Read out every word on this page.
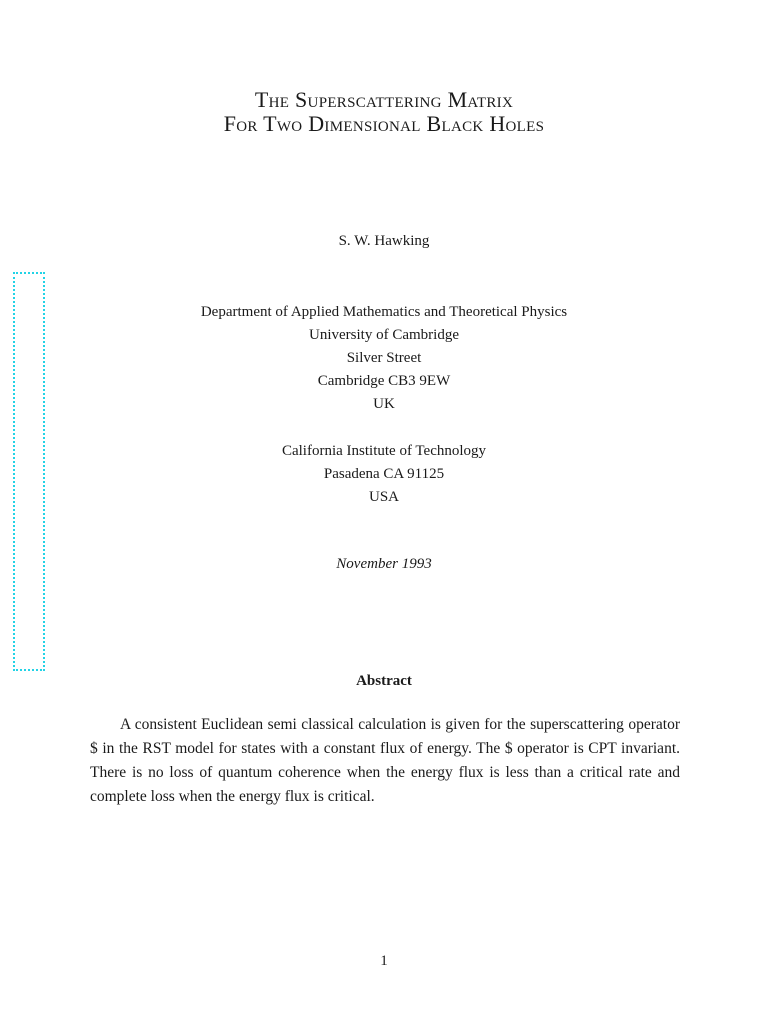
The Superscattering Matrix
For Two Dimensional Black Holes
S. W. Hawking
Department of Applied Mathematics and Theoretical Physics
University of Cambridge
Silver Street
Cambridge CB3 9EW
UK
California Institute of Technology
Pasadena CA 91125
USA
November 1993
Abstract

A consistent Euclidean semi classical calculation is given for the superscattering operator $ in the RST model for states with a constant flux of energy. The $ operator is CPT invariant. There is no loss of quantum coherence when the energy flux is less than a critical rate and complete loss when the energy flux is critical.

1
